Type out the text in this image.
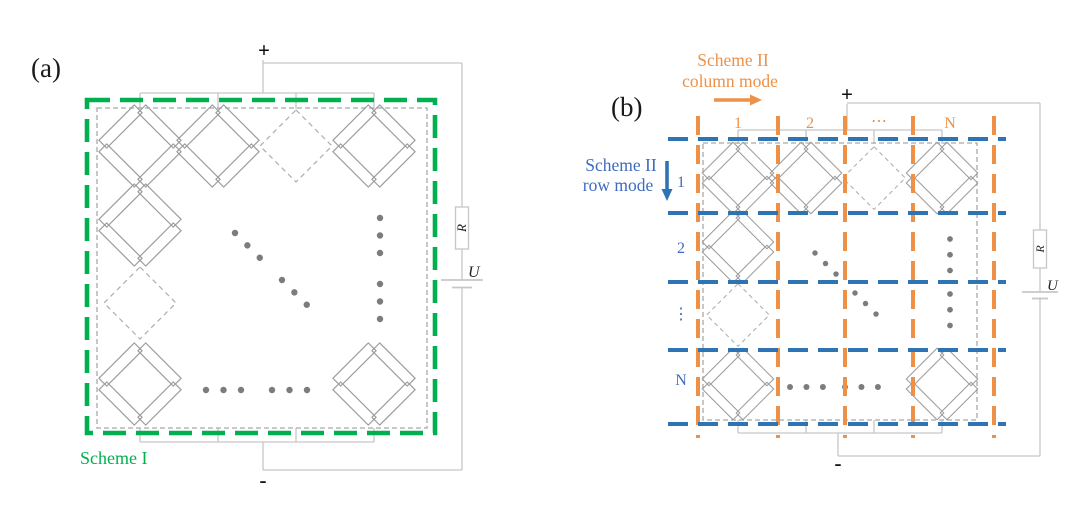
R
U
(a)
+
-
Scheme I
R
U
Scheme II
column mode
Scheme II
row mode
1	2	⋯	N
1
2
⋮
N
(b)	+
-
